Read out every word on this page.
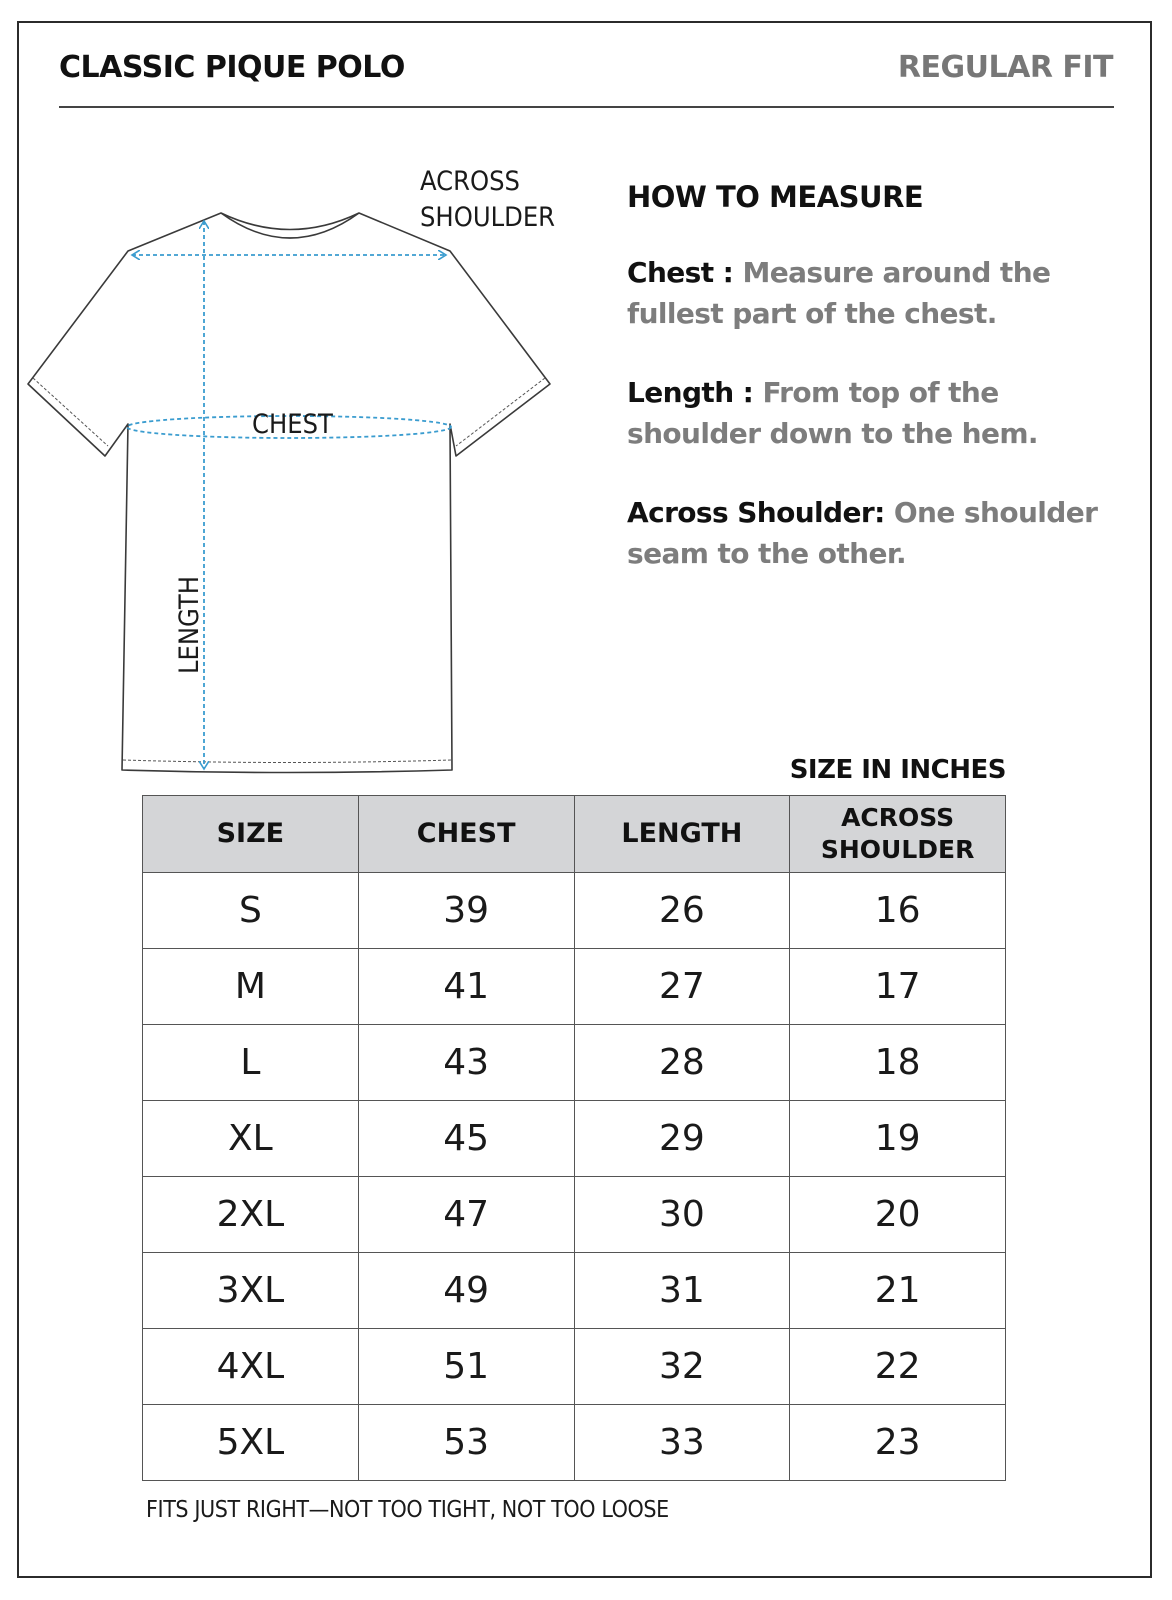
CLASSIC PIQUE POLO	REGULAR FIT
ACROSS
SHOULDER
CHEST
LENGTH
HOW TO MEASURE
Chest : Measure around the fullest part of the chest.
Length : From top of the shoulder down to the hem.
Across Shoulder: One shoulder seam to the other.
SIZE IN INCHES
SIZE	CHEST	LENGTH	ACROSS
SHOULDER

S	39	26	16
M	41	27	17
L	43	28	18
XL	45	29	19
2XL	47	30	20
3XL	49	31	21
4XL	51	32	22
5XL	53	33	23
FITS JUST RIGHT—NOT TOO TIGHT, NOT TOO LOOSE
